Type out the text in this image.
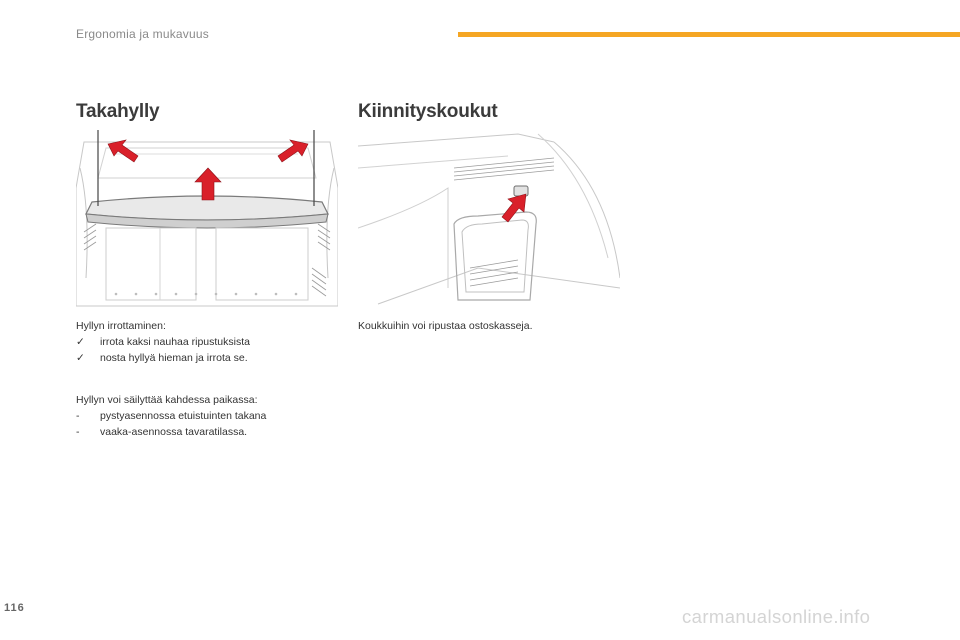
Ergonomia ja mukavuus
Takahylly
Hyllyn irrottaminen:
✓	irrota kaksi nauhaa ripustuksista
✓	nosta hyllyä hieman ja irrota se.
Hyllyn voi säilyttää kahdessa paikassa:
-	pystyasennossa etuistuinten takana
-	vaaka-asennossa tavaratilassa.
Kiinnityskoukut
Koukkuihin voi ripustaa ostoskasseja.
116	carmanualsonline.info
